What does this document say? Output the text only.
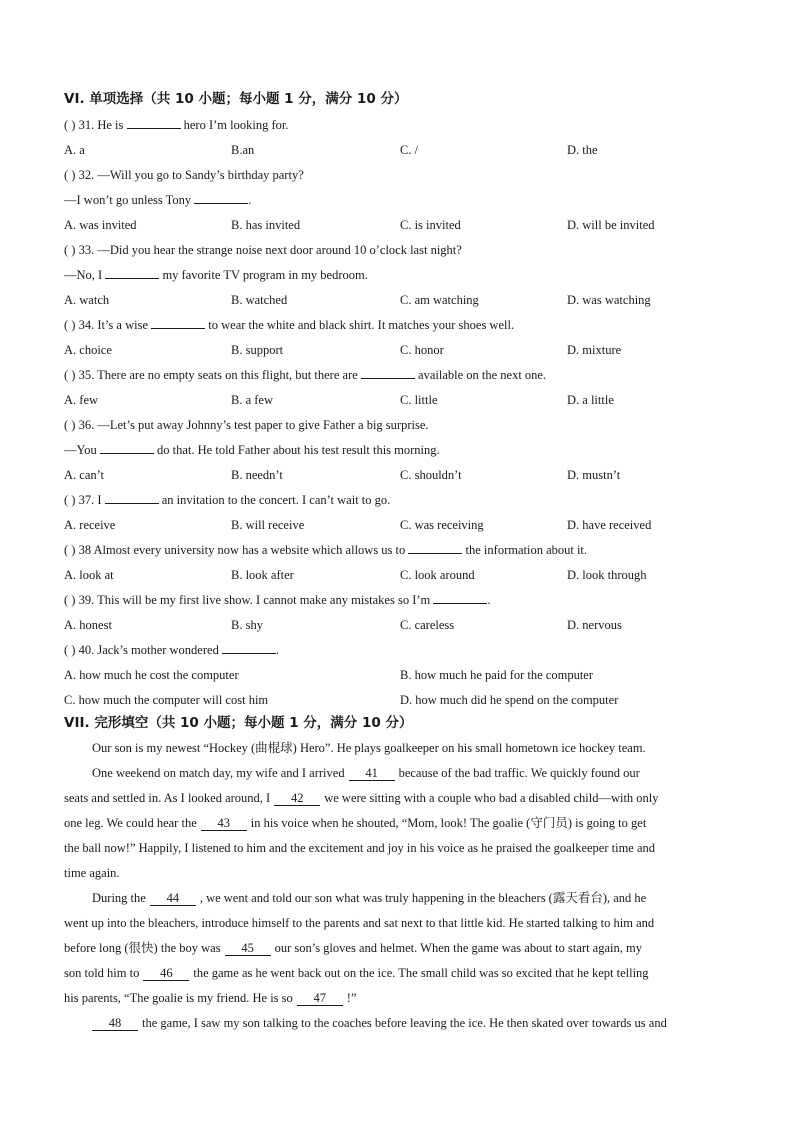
VI. 单项选择（共 10 小题；每小题 1 分，满分 10 分）
( ) 31. He is	hero I’m looking for.
A. a	B.an	C. /	D. the
( ) 32. —Will you go to Sandy’s birthday party?
—I won’t go unless Tony	.
A. was invited	B. has invited	C. is invited	D. will be invited
( ) 33. —Did you hear the strange noise next door around 10 o’clock last night?
—No, I	my favorite TV program in my bedroom.
A. watch	B. watched	C. am watching	D. was watching
( ) 34. It’s a wise	to wear the white and black shirt. It matches your shoes well.
A. choice	B. support	C. honor	D. mixture
( ) 35. There are no empty seats on this flight, but there are	available on the next one.
A. few	B. a few	C. little	D. a little
( ) 36. —Let’s put away Johnny’s test paper to give Father a big surprise.
—You	do that. He told Father about his test result this morning.
A. can’t	B. needn’t	C. shouldn’t	D. mustn’t
( ) 37. I	an invitation to the concert. I can’t wait to go.
A. receive	B. will receive	C. was receiving	D. have received
( ) 38 Almost every university now has a website which allows us to	the information about it.
A. look at	B. look after	C. look around	D. look through
( ) 39. This will be my first live show. I cannot make any mistakes so I’m	.
A. honest	B. shy	C. careless	D. nervous
( ) 40. Jack’s mother wondered	.
A. how much he cost the computer	B. how much he paid for the computer
C. how much the computer will cost him	D. how much did he spend on the computer
VII. 完形填空（共 10 小题；每小题 1 分，满分 10 分）
Our son is my newest “Hockey (曲棍球) Hero”. He plays goalkeeper on his small hometown ice hockey team.
One weekend on match day, my wife and I arrived 41 because of the bad traffic. We quickly found our
seats and settled in. As I looked around, I 42 we were sitting with a couple who bad a disabled child—with only
one leg. We could hear the 43 in his voice when he shouted, “Mom, look! The goalie (守门员) is going to get
the ball now!” Happily, I listened to him and the excitement and joy in his voice as he praised the goalkeeper time and
time again.
During the 44 , we went and told our son what was truly happening in the bleachers (露天看台), and he
went up into the bleachers, introduce himself to the parents and sat next to that little kid. He started talking to him and
before long (很快) the boy was 45 our son’s gloves and helmet. When the game was about to start again, my
son told him to 46 the game as he went back out on the ice. The small child was so excited that he kept telling
his parents, “The goalie is my friend. He is so 47 !”
48 the game, I saw my son talking to the coaches before leaving the ice. He then skated over towards us and
